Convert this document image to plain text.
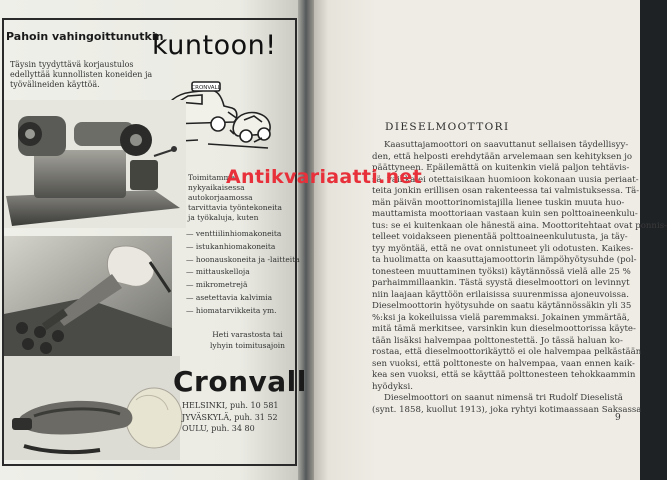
Pahoin vahingoittunutkin
kuntoon!
Täysin tyydyttävä korjaustulos edellyttää kunnollisten koneiden ja työvälineiden käyttöä.	CRONVALL
Toimitamme nykyaikaisessa autokorjaamossa tarvittavia työntekoneita ja työkaluja, kuten
— venttiilinhiomakoneita
— istukanhiomakoneita
— hoonauskoneita ja -laitteita
— mittauskelloja
— mikrometrejä
— asetettavia kalvimia
— hiomatarvikkeita ym.
Heti varastosta tai lyhyin toimitusajoin
Cronvall
HELSINKI, puh. 10 581
JYVÄSKYLÄ, puh. 31 52
OULU, puh. 34 80
DIESELMOOTTORI
Kaasuttajamoottori on saavuttanut sellaisen täydellisyy-
den, että helposti erehdytään arvelemaan sen kehityksen jo
päättyneen. Epäilemättä on kuitenkin vielä paljon tehtävis-
sä, vaikka ei otettaisikaan huomioon kokonaan uusia periaat-
teita jonkin erillisen osan rakenteessa tai valmistuksessa. Tä-
män päivän moottorinomistajilla lienee tuskin muuta huo-
mauttamista moottoriaan vastaan kuin sen polttoaineenkulu-
tus: se ei kuitenkaan ole hänestä aina. Moottoritehtaat ovat ponnis-
telleet voidakseen pienentää polttoaineenkulutusta, ja täy-
tyy myöntää, että ne ovat onnistuneet yli odotusten. Kaikes-
ta huolimatta on kaasuttajamoottorin lämpöhyötysuhde (pol-
tonesteen muuttaminen työksi) käytännössä vielä alle 25 %
parhaimmillaankin. Tästä syystä dieselmoottori on levinnyt
niin laajaan käyttöön erilaisissa suurenmissa ajoneuvoissa.
Dieselmoottorin hyötysuhde on saatu käytännössäkin yli 35
%:ksi ja kokeiluissa vielä paremmaksi. Jokainen ymmärtää,
mitä tämä merkitsee, varsinkin kun dieselmoottorissa käyte-
tään lisäksi halvempaa polttonestettä. Jo tässä haluan ko-
rostaa, että dieselmoottorikäyttö ei ole halvempaa pelkästään
sen vuoksi, että polttoneste on halvempaa, vaan ennen kaik-
kea sen vuoksi, että se käyttää polttonesteen tehokkaammin
hyödyksi.
Dieselmoottori on saanut nimensä tri Rudolf Dieselistä
(synt. 1858, kuollut 1913), joka ryhtyi kotimaassaan Saksassa
9
Antikvariaatti.net
